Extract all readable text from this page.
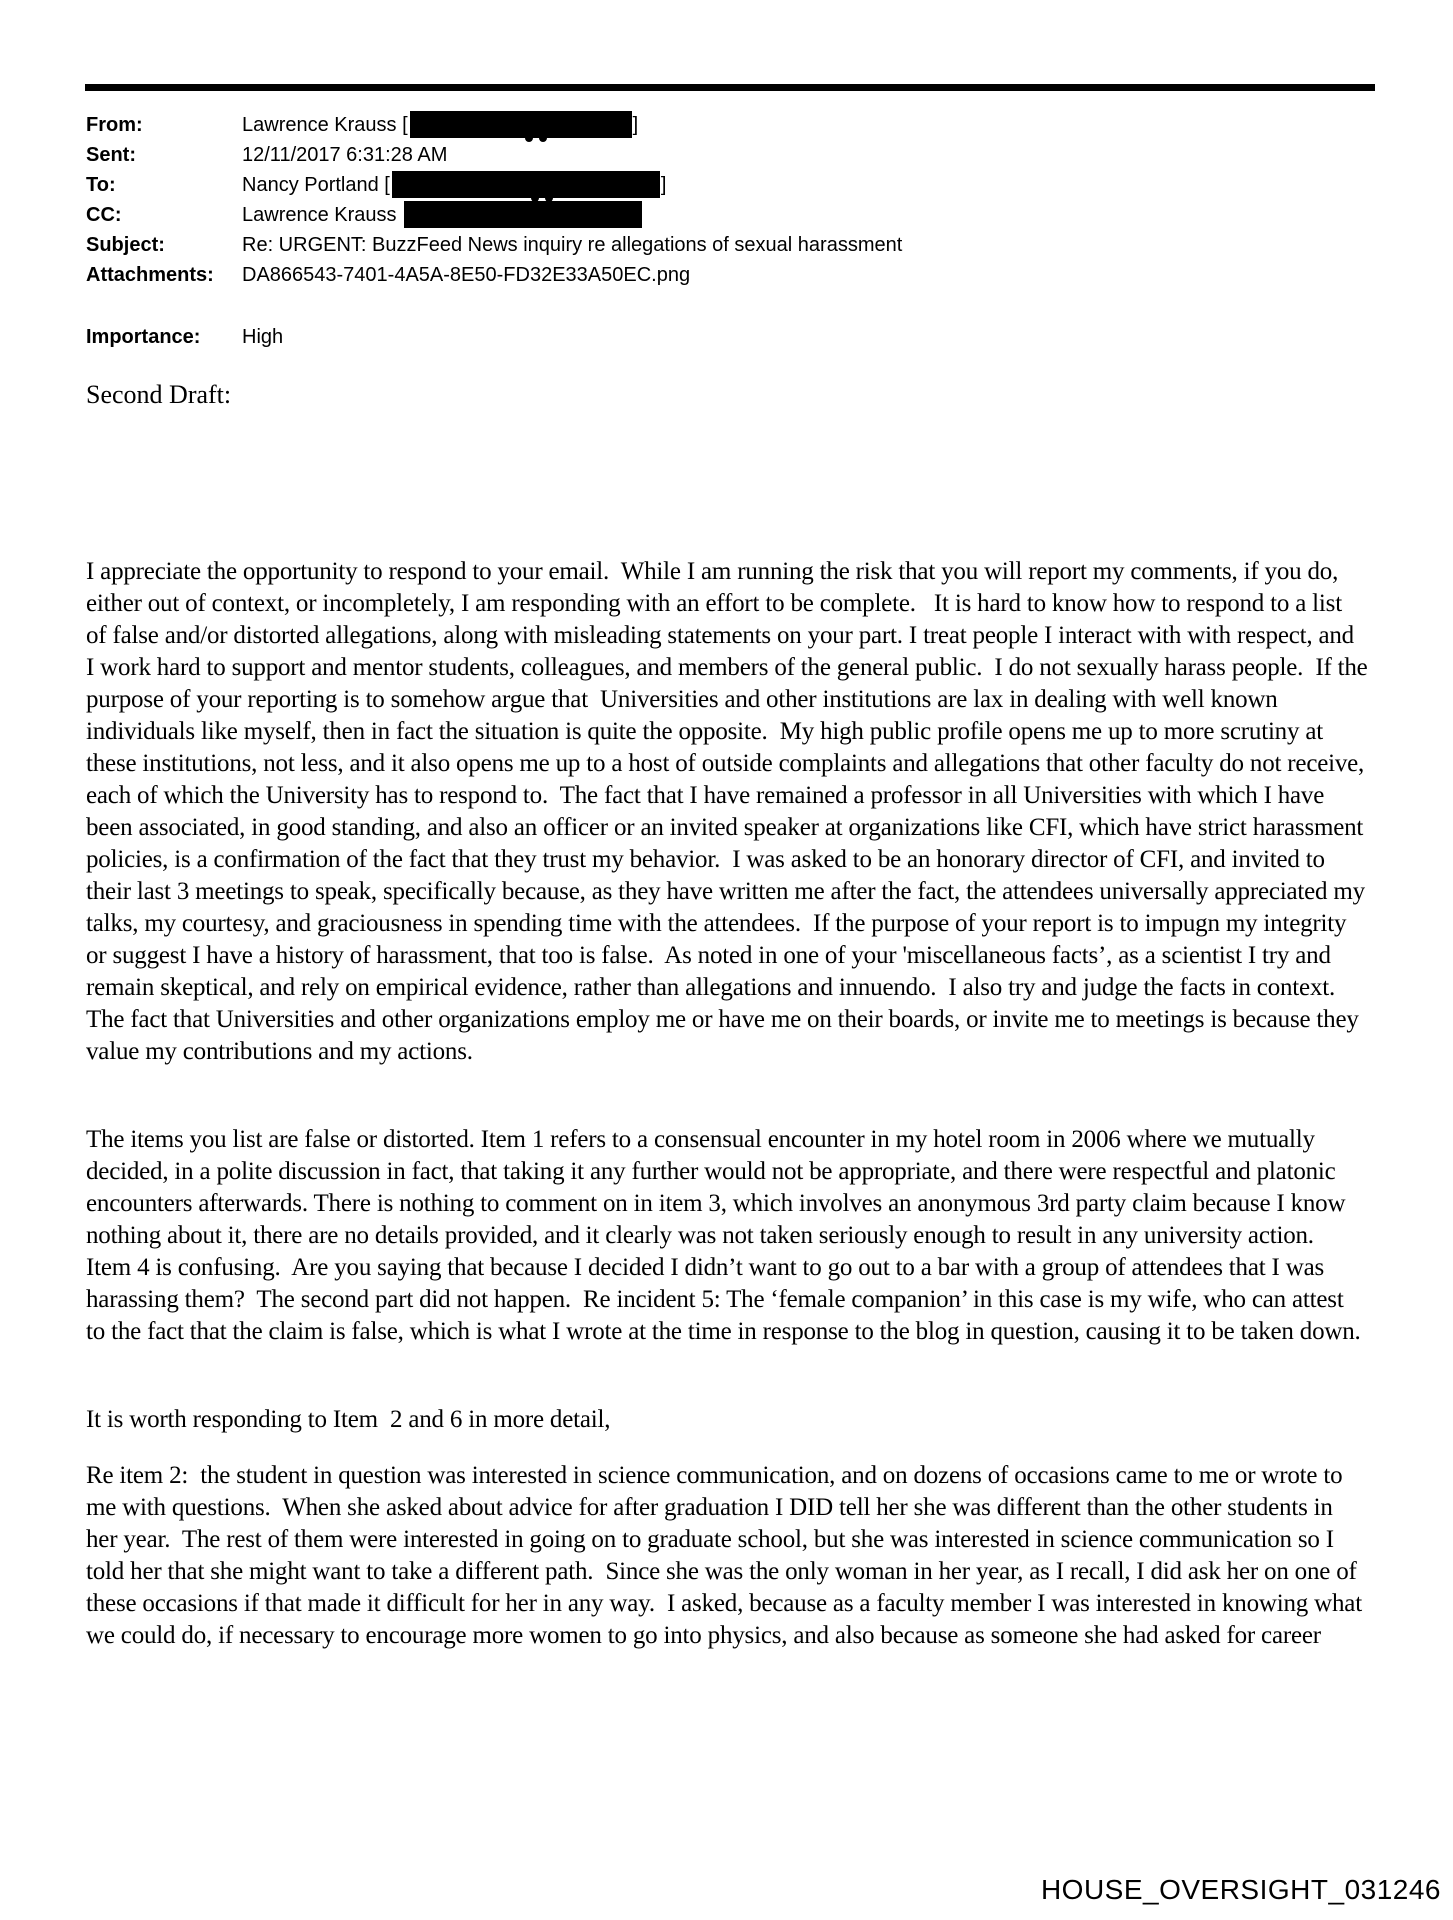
From:	Lawrence Krauss [	]
Sent:	12/11/2017 6:31:28 AM
To:	Nancy Portland [	]
CC:	Lawrence Krauss
Subject:	Re: URGENT: BuzzFeed News inquiry re allegations of sexual harassment
Attachments:	DA866543-7401-4A5A-8E50-FD32E33A50EC.png
Importance:	High
Second Draft:

I appreciate the opportunity to respond to your email.  While I am running the risk that you will report my comments, if you do, either out of context, or incompletely, I am responding with an effort to be complete.   It is hard to know how to respond to a list of false and/or distorted allegations, along with misleading statements on your part. I treat people I interact with with respect, and I work hard to support and mentor students, colleagues, and members of the general public.  I do not sexually harass people.  If the purpose of your reporting is to somehow argue that  Universities and other institutions are lax in dealing with well known individuals like myself, then in fact the situation is quite the opposite.  My high public profile opens me up to more scrutiny at these institutions, not less, and it also opens me up to a host of outside complaints and allegations that other faculty do not receive, each of which the University has to respond to.  The fact that I have remained a professor in all Universities with which I have been associated, in good standing, and also an officer or an invited speaker at organizations like CFI, which have strict harassment policies, is a confirmation of the fact that they trust my behavior.  I was asked to be an honorary director of CFI, and invited to their last 3 meetings to speak, specifically because, as they have written me after the fact, the attendees universally appreciated my talks, my courtesy, and graciousness in spending time with the attendees.  If the purpose of your report is to impugn my integrity or suggest I have a history of harassment, that too is false.  As noted in one of your 'miscellaneous facts’, as a scientist I try and remain skeptical, and rely on empirical evidence, rather than allegations and innuendo.  I also try and judge the facts in context.  The fact that Universities and other organizations employ me or have me on their boards, or invite me to meetings is because they value my contributions and my actions.

The items you list are false or distorted. Item 1 refers to a consensual encounter in my hotel room in 2006 where we mutually decided, in a polite discussion in fact, that taking it any further would not be appropriate, and there were respectful and platonic encounters afterwards. There is nothing to comment on in item 3, which involves an anonymous 3rd party claim because I know nothing about it, there are no details provided, and it clearly was not taken seriously enough to result in any university action.  Item 4 is confusing.  Are you saying that because I decided I didn’t want to go out to a bar with a group of attendees that I was harassing them?  The second part did not happen.  Re incident 5: The ‘female companion’ in this case is my wife, who can attest to the fact that the claim is false, which is what I wrote at the time in response to the blog in question, causing it to be taken down.

It is worth responding to Item  2 and 6 in more detail,

Re item 2:  the student in question was interested in science communication, and on dozens of occasions came to me or wrote to me with questions.  When she asked about advice for after graduation I DID tell her she was different than the other students in her year.  The rest of them were interested in going on to graduate school, but she was interested in science communication so I told her that she might want to take a different path.  Since she was the only woman in her year, as I recall, I did ask her on one of these occasions if that made it difficult for her in any way.  I asked, because as a faculty member I was interested in knowing what we could do, if necessary to encourage more women to go into physics, and also because as someone she had asked for career

HOUSE_OVERSIGHT_031246
